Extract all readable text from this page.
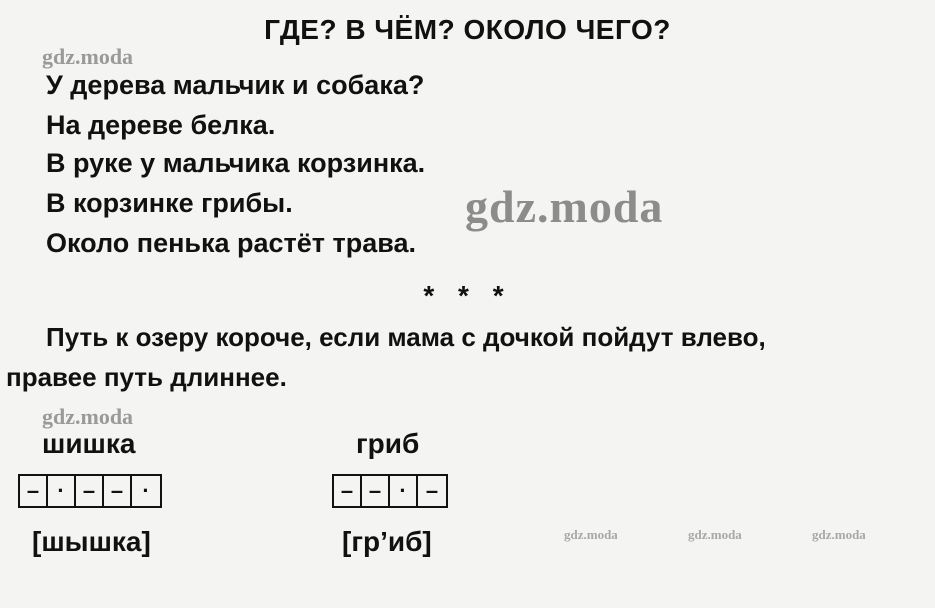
ГДЕ? В ЧЁМ? ОКОЛО ЧЕГО?
gdz.moda
У дерева мальчик и собака?
На дереве белка.
В руке у мальчика корзинка.
В корзинке грибы.
Около пенька растёт трава.
gdz.moda
* * *
Путь к озеру короче, если мама с дочкой пойдут влево,
правее путь длиннее.
gdz.moda
шишка
– · – – ·
[шышка]
гриб
– – · –
[гр’иб]	gdz.moda	gdz.moda	gdz.moda
